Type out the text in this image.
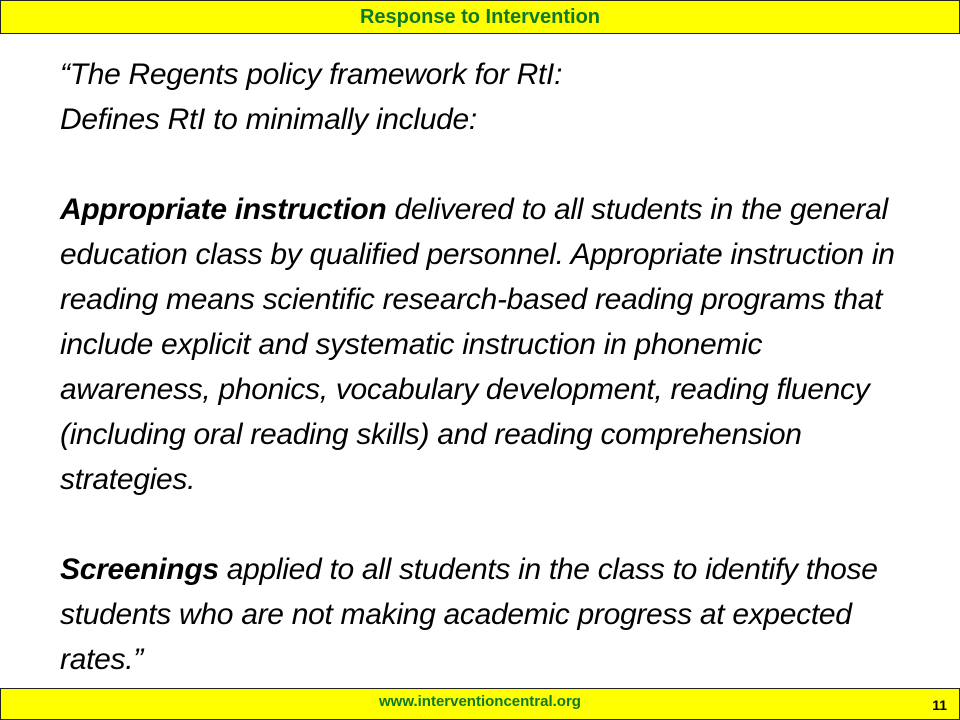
Response to Intervention

“The Regents policy framework for RtI:

Defines RtI to minimally include:

Appropriate instruction delivered to all students in the general education class by qualified personnel. Appropriate instruction in reading means scientific research-based reading programs that include explicit and systematic instruction in phonemic awareness, phonics, vocabulary development, reading fluency (including oral reading skills) and reading comprehension strategies.

Screenings applied to all students in the class to identify those students who are not making academic progress at expected rates.”

www.interventioncentral.org	11
